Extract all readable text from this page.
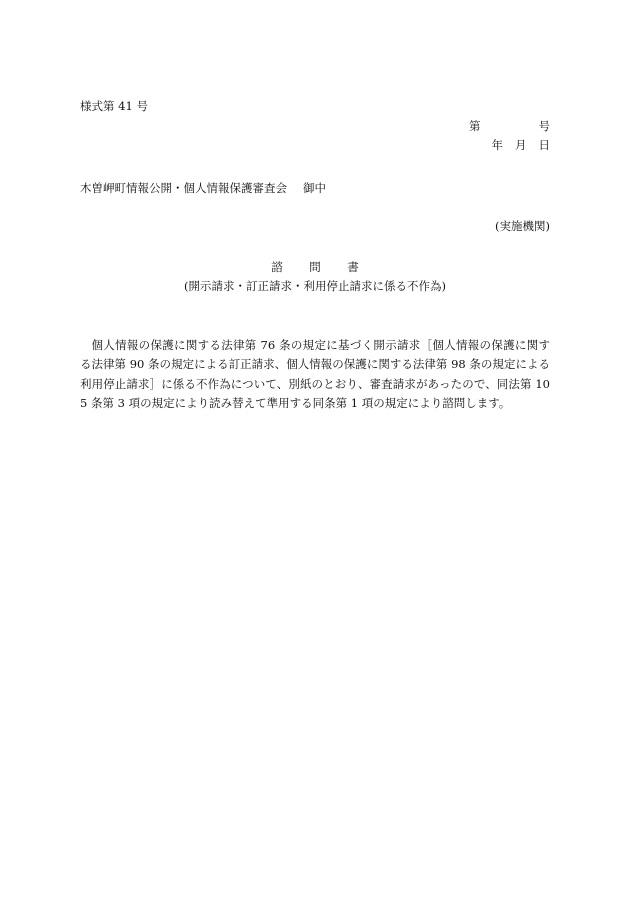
様式第 41 号
第	号
年 月 日
木曽岬町情報公開・個人情報保護審査会 御中
(実施機関)
諮 問 書
(開示請求・訂正請求・利用停止請求に係る不作為)
個人情報の保護に関する法律第 76 条の規定に基づく開示請求［個人情報の保護に関する法律第 90 条の規定による訂正請求、個人情報の保護に関する法律第 98 条の規定による利用停止請求］に係る不作為について、別紙のとおり、審査請求があったので、同法第 105 条第 3 項の規定により読み替えて準用する同条第 1 項の規定により諮問します。
